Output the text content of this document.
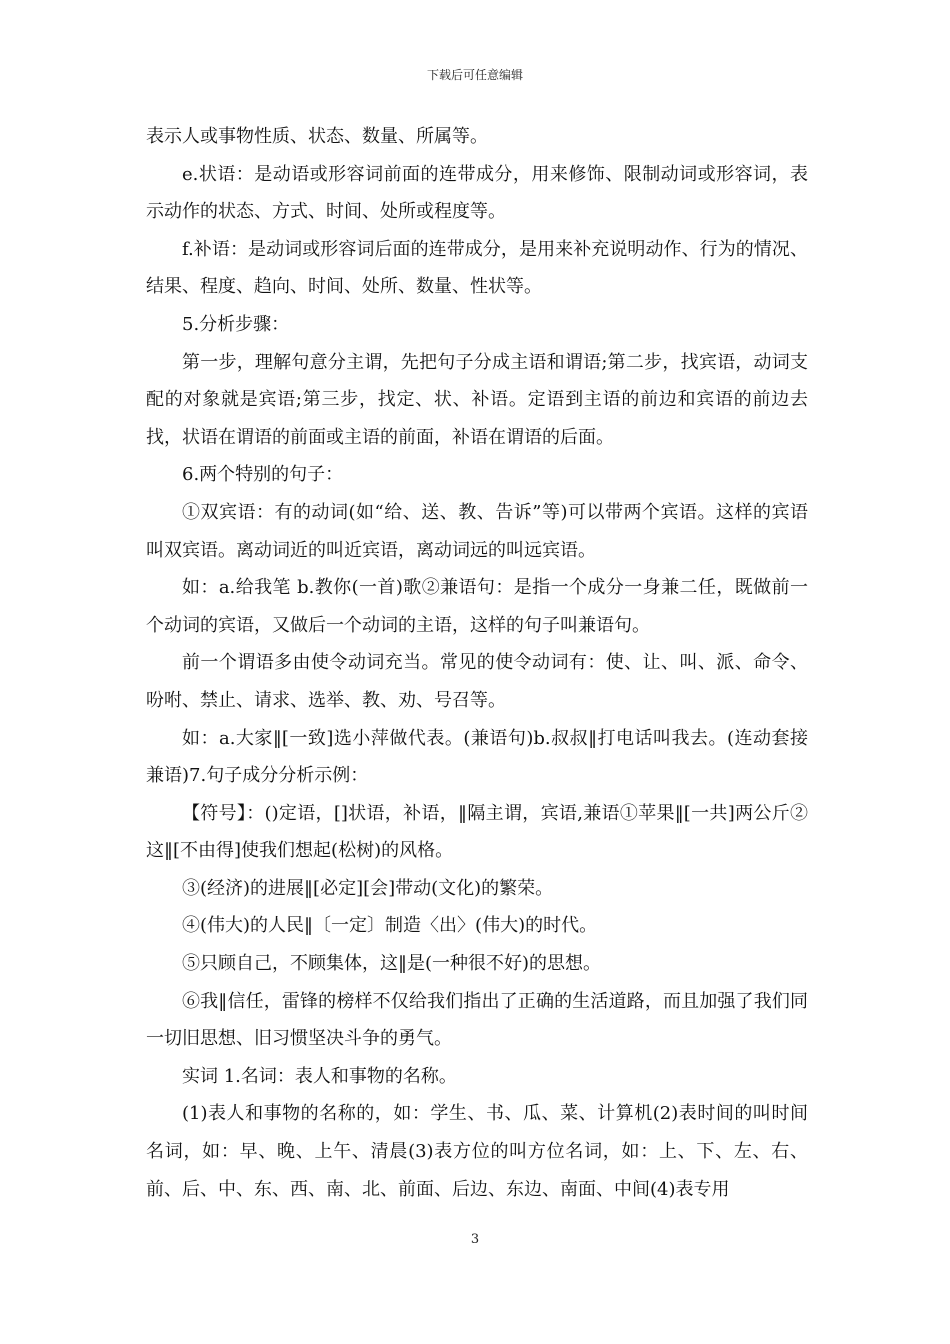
下载后可任意编辑

表示人或事物性质、状态、数量、所属等。

e.状语：是动语或形容词前面的连带成分，用来修饰、限制动词或形容词，表示动作的状态、方式、时间、处所或程度等。

f.补语：是动词或形容词后面的连带成分，是用来补充说明动作、行为的情况、结果、程度、趋向、时间、处所、数量、性状等。

5.分析步骤：

第一步，理解句意分主谓，先把句子分成主语和谓语;第二步，找宾语，动词支配的对象就是宾语;第三步，找定、状、补语。定语到主语的前边和宾语的前边去找，状语在谓语的前面或主语的前面，补语在谓语的后面。

6.两个特别的句子：

①双宾语：有的动词(如“给、送、教、告诉”等)可以带两个宾语。这样的宾语叫双宾语。离动词近的叫近宾语，离动词远的叫远宾语。

如：a.给我笔 b.教你(一首)歌②兼语句：是指一个成分一身兼二任，既做前一个动词的宾语，又做后一个动词的主语，这样的句子叫兼语句。

前一个谓语多由使令动词充当。常见的使令动词有：使、让、叫、派、命令、吩咐、禁止、请求、选举、教、劝、号召等。

如：a.大家‖[一致]选小萍做代表。(兼语句)b.叔叔‖打电话叫我去。(连动套接兼语)7.句子成分分析示例：

【符号】：()定语，[]状语，补语，‖隔主谓，宾语,兼语①苹果‖[一共]两公斤②这‖[不由得]使我们想起(松树)的风格。

③(经济)的进展‖[必定][会]带动(文化)的繁荣。

④(伟大)的人民‖〔一定〕制造〈出〉(伟大)的时代。

⑤只顾自己，不顾集体，这‖是(一种很不好)的思想。

⑥我‖信任，雷锋的榜样不仅给我们指出了正确的生活道路，而且加强了我们同一切旧思想、旧习惯坚决斗争的勇气。

实词 1.名词：表人和事物的名称。

(1)表人和事物的名称的，如：学生、书、瓜、菜、计算机(2)表时间的叫时间名词，如：早、晚、上午、清晨(3)表方位的叫方位名词，如：上、下、左、右、前、后、中、东、西、南、北、前面、后边、东边、南面、中间(4)表专用

3
